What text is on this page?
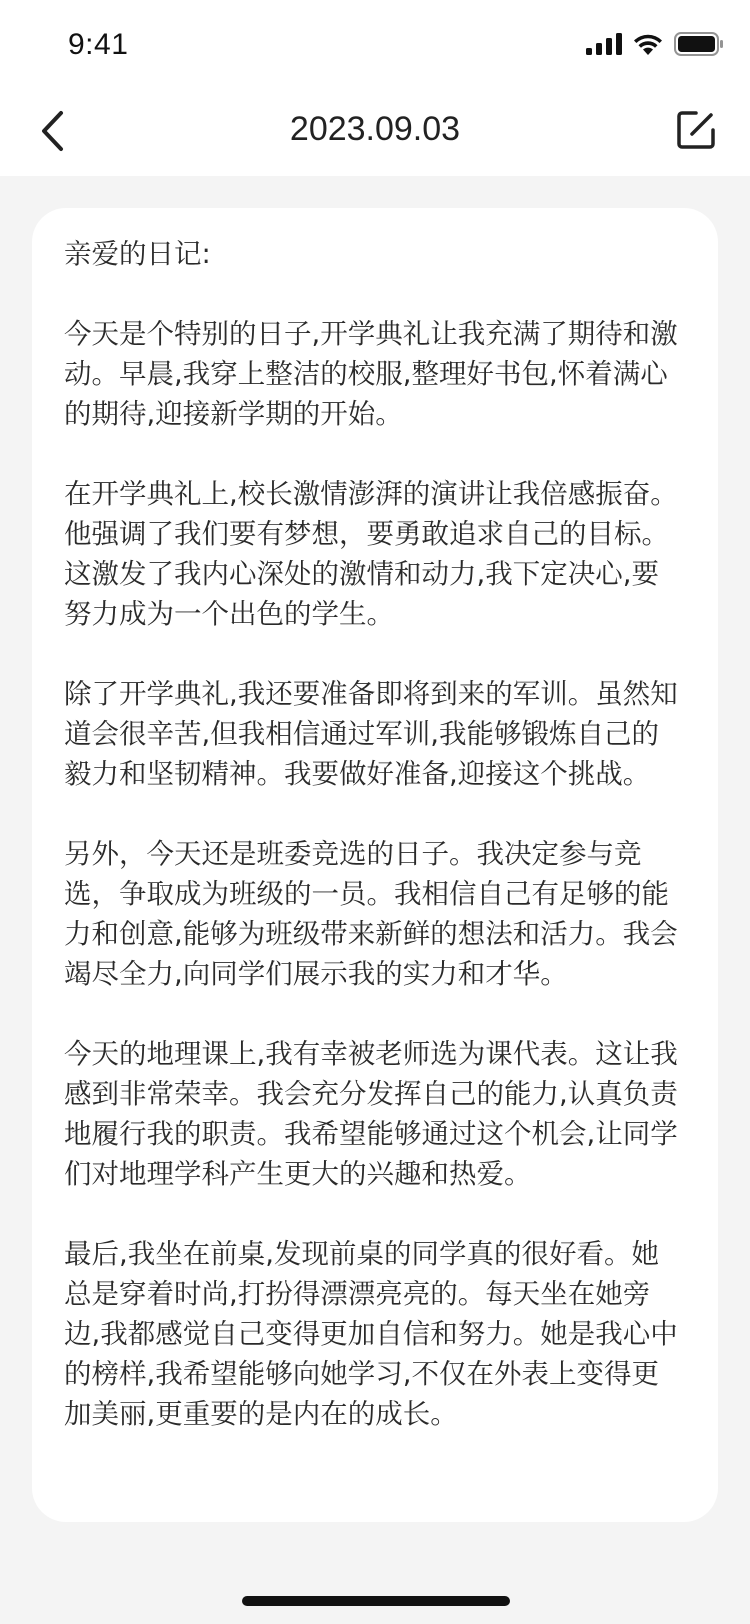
9:41
2023.09.03

亲爱的日记:

今天是个特别的日子,开学典礼让我充满了期待和激动。早晨,我穿上整洁的校服,整理好书包,怀着满心的期待,迎接新学期的开始。

在开学典礼上,校长激情澎湃的演讲让我倍感振奋。他强调了我们要有梦想，要勇敢追求自己的目标。这激发了我内心深处的激情和动力,我下定决心,要努力成为一个出色的学生。

除了开学典礼,我还要准备即将到来的军训。虽然知道会很辛苦,但我相信通过军训,我能够锻炼自己的毅力和坚韧精神。我要做好准备,迎接这个挑战。

另外，今天还是班委竞选的日子。我决定参与竞选，争取成为班级的一员。我相信自己有足够的能力和创意,能够为班级带来新鲜的想法和活力。我会竭尽全力,向同学们展示我的实力和才华。

今天的地理课上,我有幸被老师选为课代表。这让我感到非常荣幸。我会充分发挥自己的能力,认真负责地履行我的职责。我希望能够通过这个机会,让同学们对地理学科产生更大的兴趣和热爱。

最后,我坐在前桌,发现前桌的同学真的很好看。她总是穿着时尚,打扮得漂漂亮亮的。每天坐在她旁边,我都感觉自己变得更加自信和努力。她是我心中的榜样,我希望能够向她学习,不仅在外表上变得更加美丽,更重要的是内在的成长。
